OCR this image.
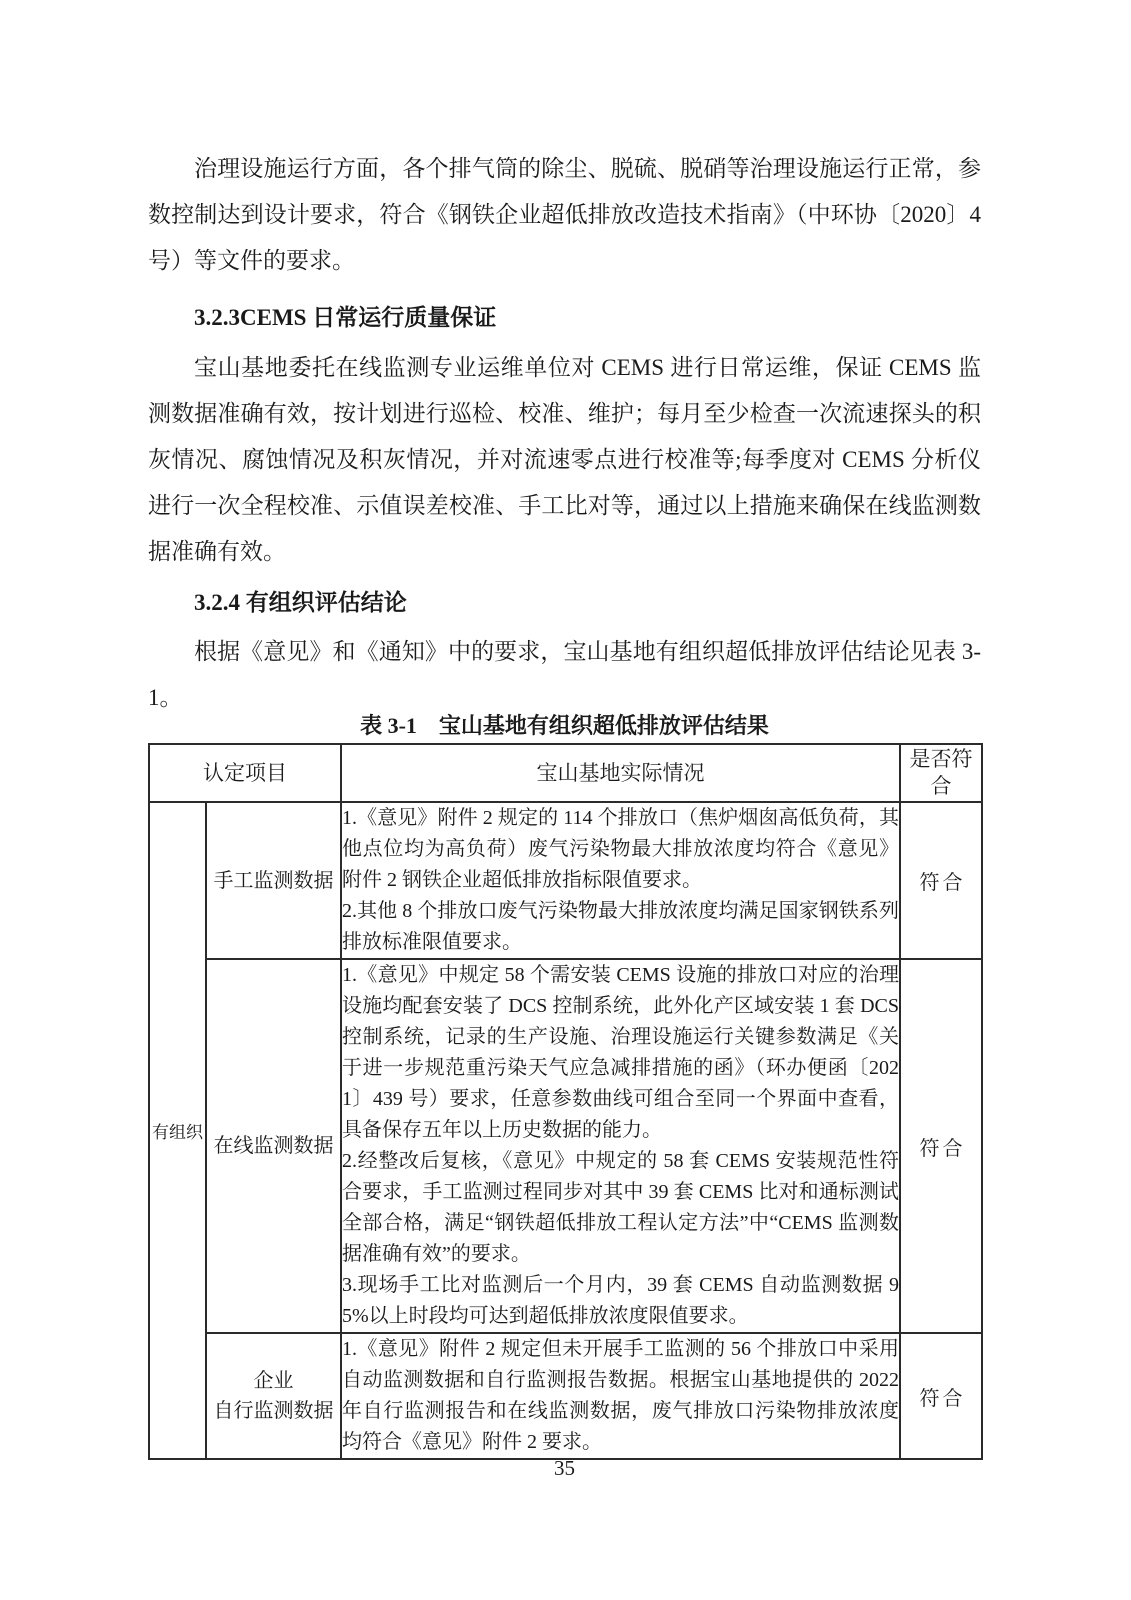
治理设施运行方面，各个排气筒的除尘、脱硫、脱硝等治理设施运行正常，参数控制达到设计要求，符合《钢铁企业超低排放改造技术指南》（中环协〔2020〕4 号）等文件的要求。
3.2.3CEMS 日常运行质量保证
宝山基地委托在线监测专业运维单位对 CEMS 进行日常运维，保证 CEMS 监测数据准确有效，按计划进行巡检、校准、维护；每月至少检查一次流速探头的积灰情况、腐蚀情况及积灰情况，并对流速零点进行校准等;每季度对 CEMS 分析仪进行一次全程校准、示值误差校准、手工比对等，通过以上措施来确保在线监测数据准确有效。
3.2.4 有组织评估结论
根据《意见》和《通知》中的要求，宝山基地有组织超低排放评估结论见表 3-1。
表 3-1　宝山基地有组织超低排放评估结果
认定项目		宝山基地实际情况	是否符合
有组织	手工监测数据	1.《意见》附件 2 规定的 114 个排放口（焦炉烟囱高低负荷，其他点位均为高负荷）废气污染物最大排放浓度均符合《意见》附件 2 钢铁企业超低排放指标限值要求。
2.其他 8 个排放口废气污染物最大排放浓度均满足国家钢铁系列排放标准限值要求。	符合

	在线监测数据	1.《意见》中规定 58 个需安装 CEMS 设施的排放口对应的治理设施均配套安装了 DCS 控制系统，此外化产区域安装 1 套 DCS 控制系统，记录的生产设施、治理设施运行关键参数满足《关于进一步规范重污染天气应急减排措施的函》（环办便函〔2021〕439 号）要求，任意参数曲线可组合至同一个界面中查看，具备保存五年以上历史数据的能力。
2.经整改后复核，《意见》中规定的 58 套 CEMS 安装规范性符合要求，手工监测过程同步对其中 39 套 CEMS 比对和通标测试全部合格，满足“钢铁超低排放工程认定方法”中“CEMS 监测数据准确有效”的要求。
3.现场手工比对监测后一个月内，39 套 CEMS 自动监测数据 95%以上时段均可达到超低排放浓度限值要求。	符合

	企业
自行监测数据	1.《意见》附件 2 规定但未开展手工监测的 56 个排放口中采用自动监测数据和自行监测报告数据。根据宝山基地提供的 2022 年自行监测报告和在线监测数据，废气排放口污染物排放浓度均符合《意见》附件 2 要求。	符合
35
